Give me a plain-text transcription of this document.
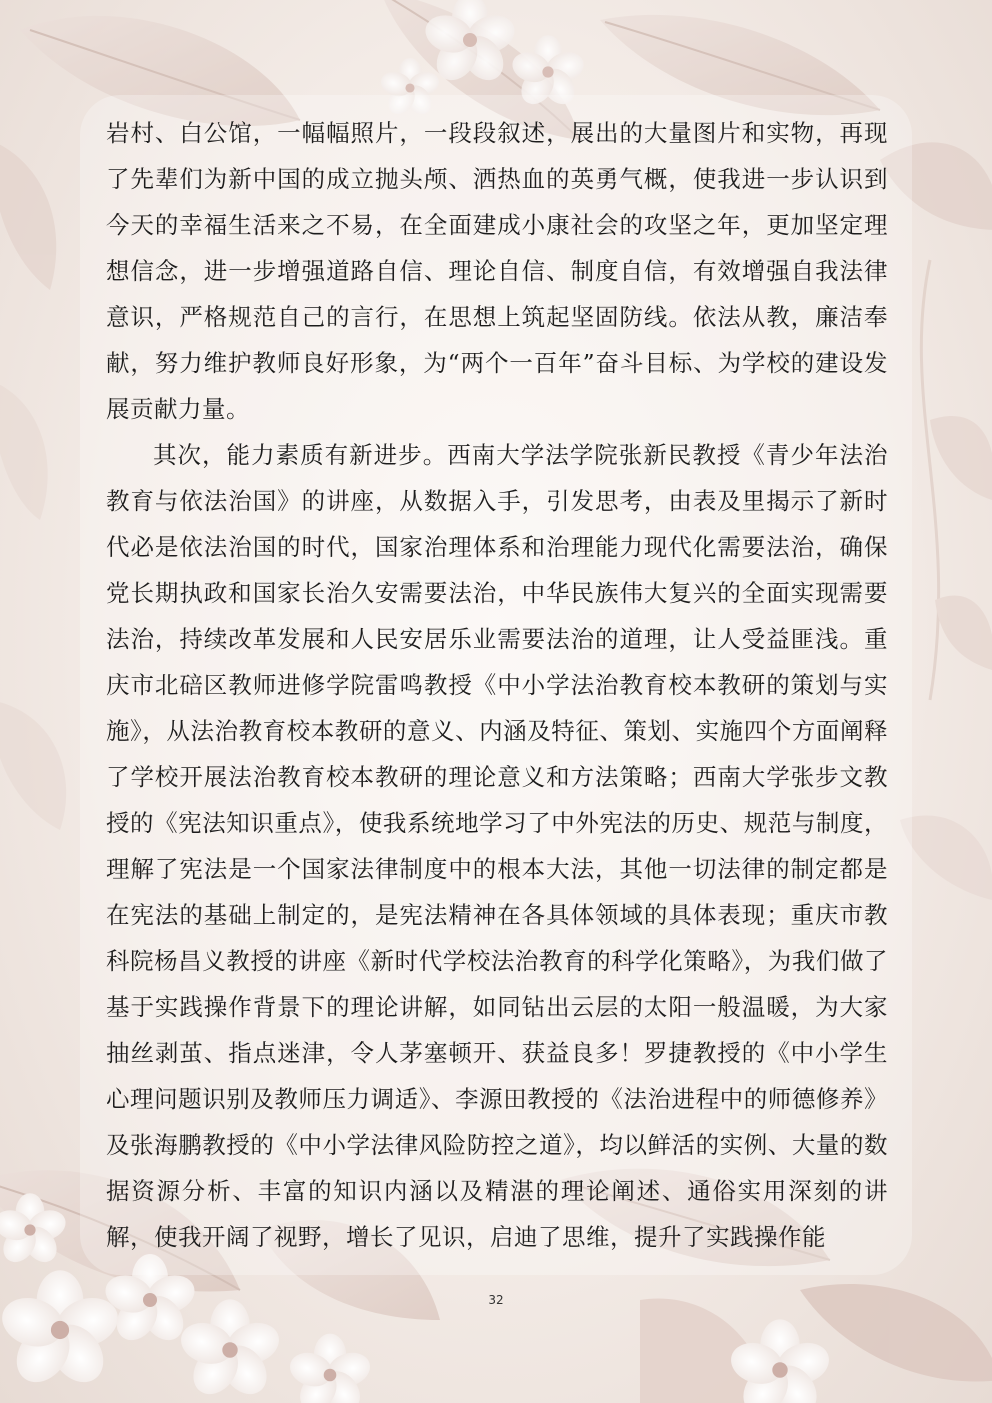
岩村、白公馆，一幅幅照片，一段段叙述，展出的大量图片和实物，再现了先辈们为新中国的成立抛头颅、洒热血的英勇气概，使我进一步认识到今天的幸福生活来之不易，在全面建成小康社会的攻坚之年，更加坚定理想信念，进一步增强道路自信、理论自信、制度自信，有效增强自我法律意识，严格规范自己的言行，在思想上筑起坚固防线。依法从教，廉洁奉献，努力维护教师良好形象，为“两个一百年”奋斗目标、为学校的建设发展贡献力量。

其次，能力素质有新进步。西南大学法学院张新民教授《青少年法治教育与依法治国》的讲座，从数据入手，引发思考，由表及里揭示了新时代必是依法治国的时代，国家治理体系和治理能力现代化需要法治，确保党长期执政和国家长治久安需要法治，中华民族伟大复兴的全面实现需要法治，持续改革发展和人民安居乐业需要法治的道理，让人受益匪浅。重庆市北碚区教师进修学院雷鸣教授《中小学法治教育校本教研的策划与实施》，从法治教育校本教研的意义、内涵及特征、策划、实施四个方面阐释了学校开展法治教育校本教研的理论意义和方法策略；西南大学张步文教授的《宪法知识重点》，使我系统地学习了中外宪法的历史、规范与制度，理解了宪法是一个国家法律制度中的根本大法，其他一切法律的制定都是在宪法的基础上制定的，是宪法精神在各具体领域的具体表现；重庆市教科院杨昌义教授的讲座《新时代学校法治教育的科学化策略》，为我们做了基于实践操作背景下的理论讲解，如同钻出云层的太阳一般温暖，为大家抽丝剥茧、指点迷津，令人茅塞顿开、获益良多！罗捷教授的《中小学生心理问题识别及教师压力调适》、李源田教授的《法治进程中的师德修养》及张海鹏教授的《中小学法律风险防控之道》，均以鲜活的实例、大量的数据资源分析、丰富的知识内涵以及精湛的理论阐述、通俗实用深刻的讲解，使我开阔了视野，增长了见识，启迪了思维，提升了实践操作能

32
